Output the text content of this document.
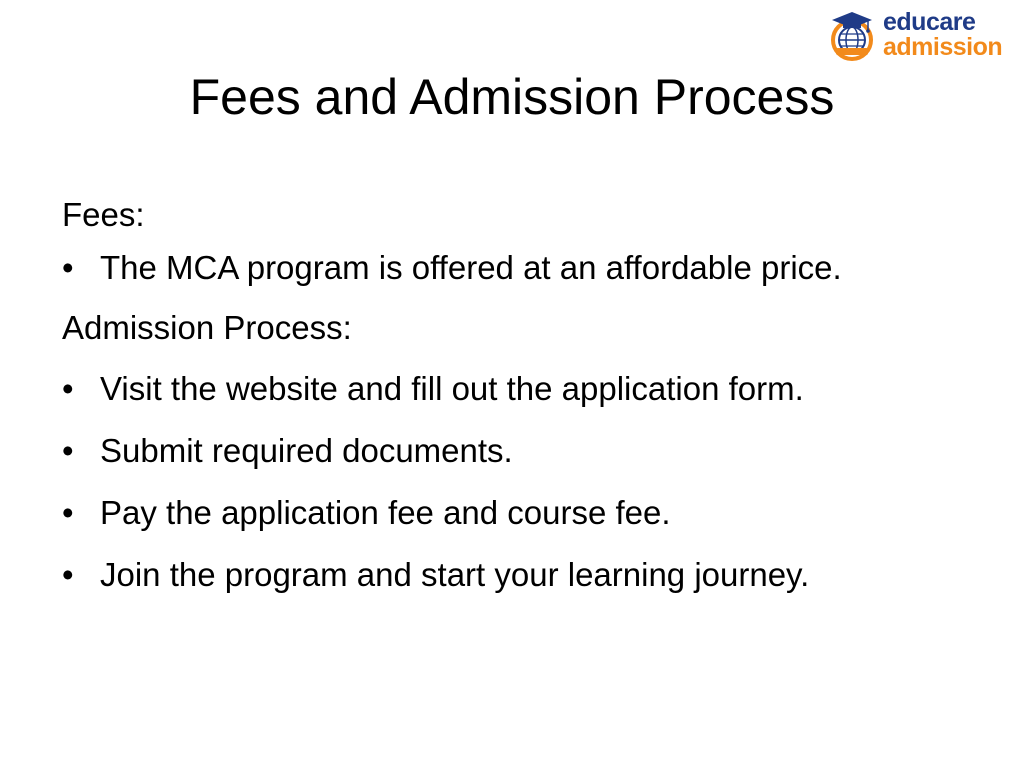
educare
admission
Fees and Admission Process
Fees:
• The MCA program is offered at an affordable price.
Admission Process:
• Visit the website and fill out the application form.
• Submit required documents.
• Pay the application fee and course fee.
• Join the program and start your learning journey.
